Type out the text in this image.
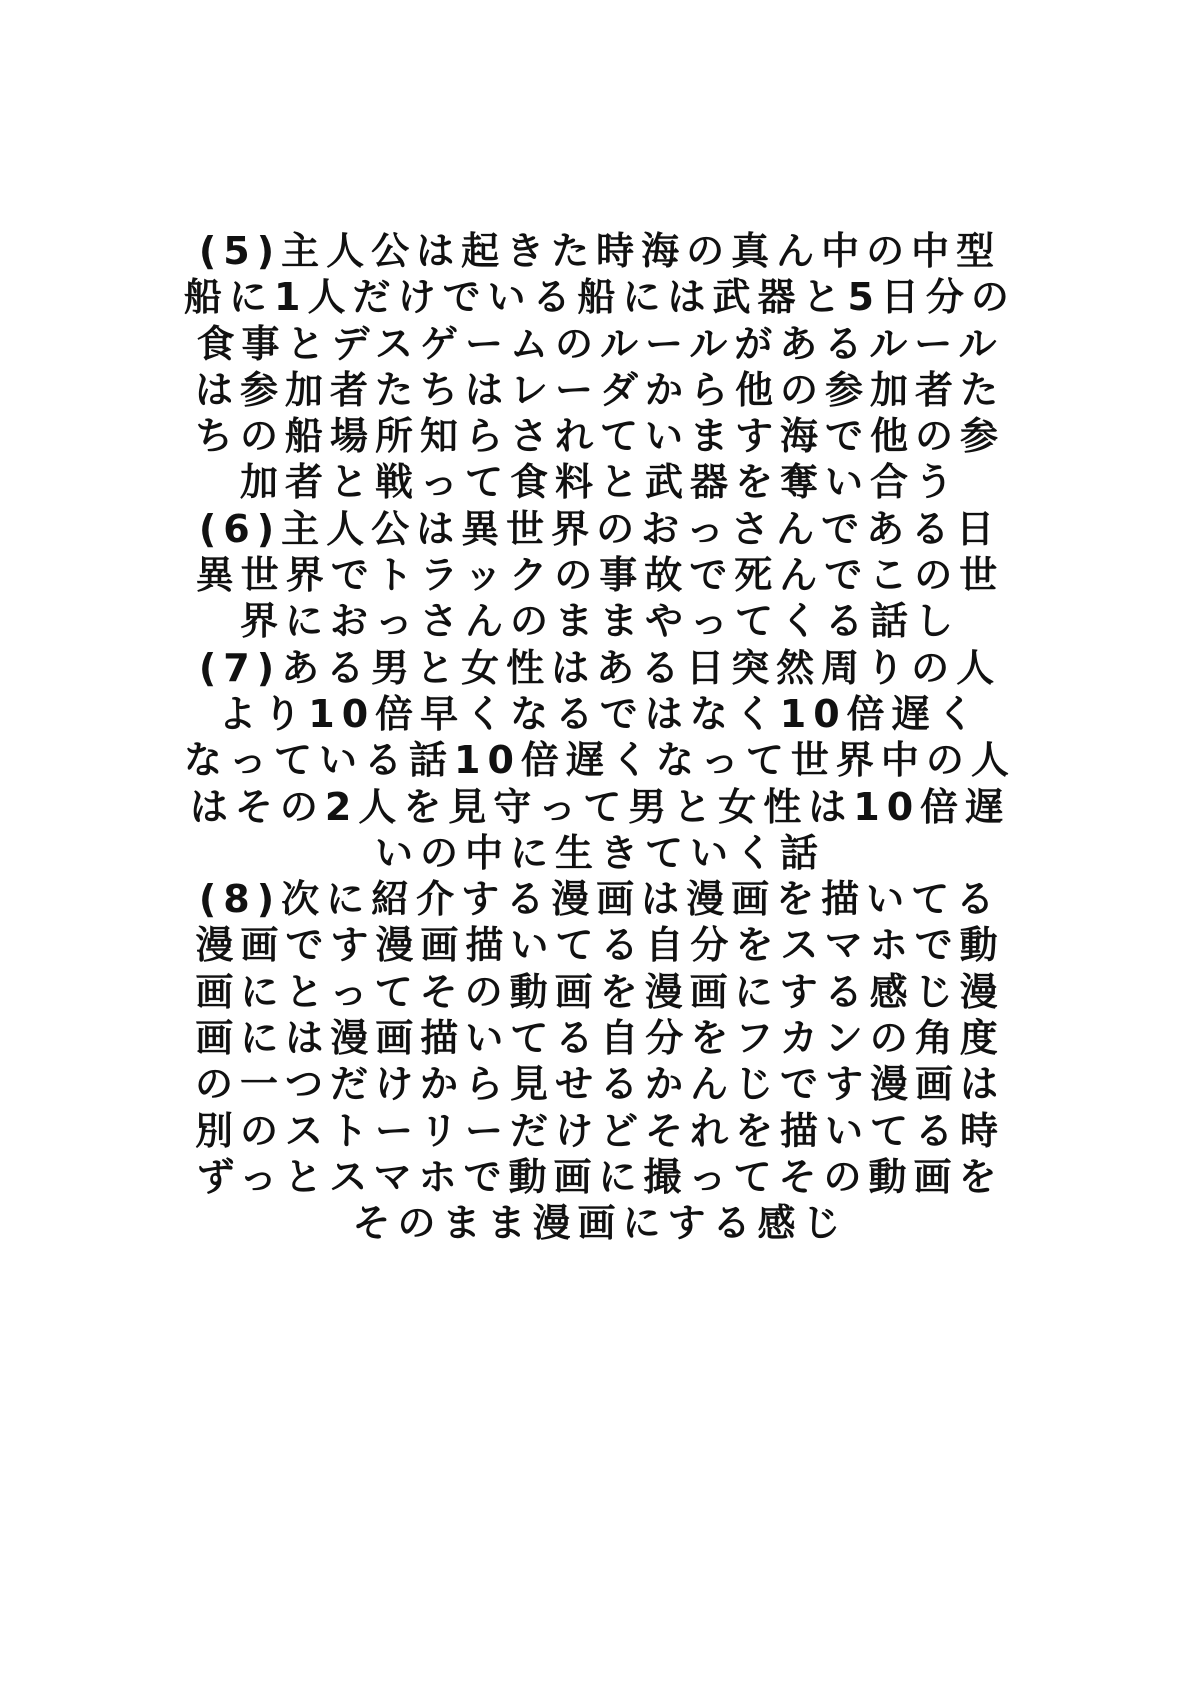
(5)主人公は起きた時海の真ん中の中型
船に1人だけでいる船には武器と5日分の
食事とデスゲームのルールがあるルール
は参加者たちはレーダから他の参加者た
ちの船場所知らされています海で他の参
加者と戦って食料と武器を奪い合う
(6)主人公は異世界のおっさんである日
異世界でトラックの事故で死んでこの世
界におっさんのままやってくる話し
(7)ある男と女性はある日突然周りの人
より10倍早くなるではなく10倍遅く
なっている話10倍遅くなって世界中の人
はその2人を見守って男と女性は10倍遅
いの中に生きていく話
(8)次に紹介する漫画は漫画を描いてる
漫画です漫画描いてる自分をスマホで動
画にとってその動画を漫画にする感じ漫
画には漫画描いてる自分をフカンの角度
の一つだけから見せるかんじです漫画は
別のストーリーだけどそれを描いてる時
ずっとスマホで動画に撮ってその動画を
そのまま漫画にする感じ
